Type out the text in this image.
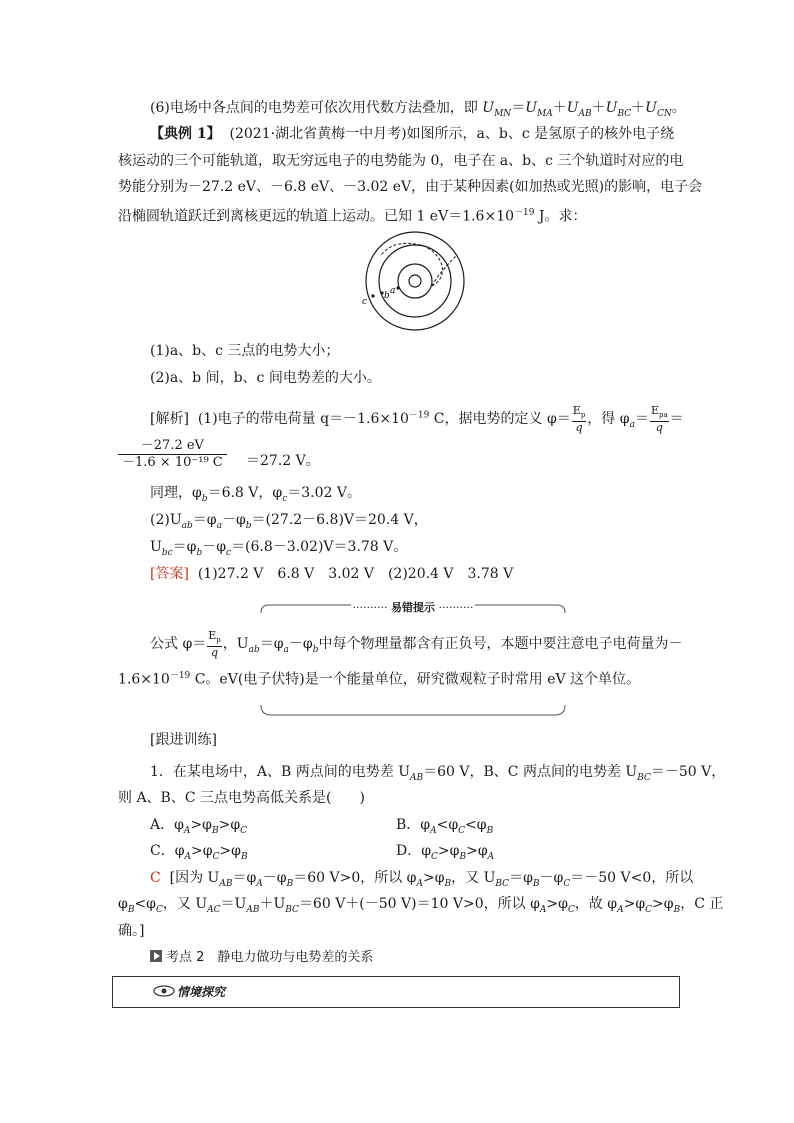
(6)电场中各点间的电势差可依次用代数方法叠加，即 $U_{MN}=U_{MA}+U_{AB}+U_{BC}+U_{CN}$。
【典例 1】 (2021·湖北省黄梅一中月考)如图所示，a、b、c 是氢原子的核外电子绕
核运动的三个可能轨道，取无穷远电子的电势能为 0，电子在 a、b、c 三个轨道时对应的电
势能分别为－27.2 eV、－6.8 eV、－3.02 eV，由于某种因素(如加热或光照)的影响，电子会
沿椭圆轨道跃迁到离核更远的轨道上运动。已知 1 $eV=1.6\times 10^{-19}$ J。求：
c
b a
(1)a、b、c 三点的电势大小；
(2)a、b 间，b、c 间电势差的大小。
[解析] (1)电子的带电荷量 $q=-1.6\times 10^{-19}$ C，据电势的定义 $\varphi= \frac{E_p}{q}$ ，得 $\varphi_a= \frac{E_{pa}}{q}$ ＝
$\frac{-27.2 eV}{\text{－1.6 × 10⁻¹⁹ C}} =27.2$ V。
同理，$\varphi_b=6.8$ V，$\varphi_c=3.02$ V。
$(2)U_{ab}=\varphi_a-\varphi_b=(27.2-6.8)V=20.4$ V，
$U_{bc}=\varphi_b-\varphi_c=(6.8-3.02)V=3.78$ V。
[答案] (1)27.2 V　6.8 V　3.02 V　(2)20.4 V　3.78 V
·········· 易错提示 ··········
公式 $\varphi= \frac{E_p}{q}$ ，$U_{ab}=\varphi_a-\varphi_b$中每个物理量都含有正负号，本题中要注意电子电荷量为－
$1.6\times 10^{-19}$ C。eV(电子伏特)是一个能量单位，研究微观粒子时常用 eV 这个单位。
[跟进训练]
1．在某电场中，A、B 两点间的电势差 $U_{AB}=60$ V，B、C 两点间的电势差 $U_{BC}=-50$ V，
则 A、B、C 三点电势高低关系是(　　)
A．$\varphi_A>\varphi_B>\varphi_C$	B．$\varphi_A<\varphi_C<\varphi_B$
C．$\varphi_A>\varphi_C>\varphi_B$	D．$\varphi_C>\varphi_B>\varphi_A$
C [因为 $U_{AB}=\varphi_A-\varphi_B=60$ V>0，所以 $\varphi_A>\varphi_B$，又 $U_{BC}=\varphi_B-\varphi_C=-50$ V<0，所以
$\varphi_B<\varphi_C$，又 $U_{AC}=U_{AB}+U_{BC}=60$ V＋(－50 V)＝10 V>0，所以 $\varphi_A>\varphi_C$，故 $\varphi_A>\varphi_C>\varphi_B$，C 正
确。]
考点 2　静电力做功与电势差的关系
情境探究
